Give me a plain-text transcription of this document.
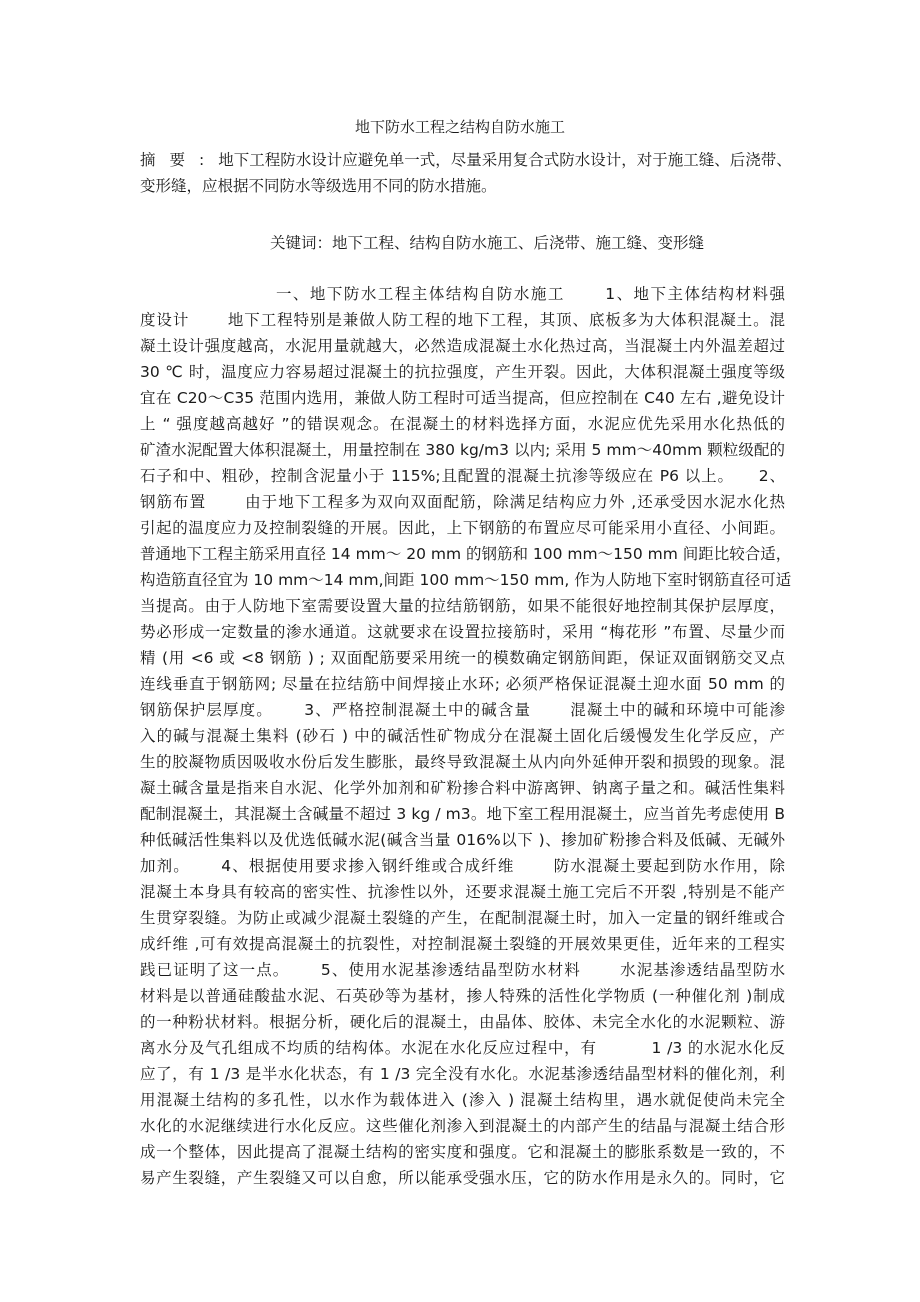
地下防水工程之结构自防水施工
摘要:地下工程防水设计应避免单一式，尽量采用复合式防水设计，对于施工缝、后浇带、
变形缝，应根据不同防水等级选用不同的防水措施。
关键词：地下工程、结构自防水施工、后浇带、施工缝、变形缝
　　　　　　　　一、地下防水工程主体结构自防水施工　　 1、地下主体结构材料强
度设计　　 地下工程特别是兼做人防工程的地下工程，其顶、底板多为大体积混凝土。混
凝土设计强度越高，水泥用量就越大，必然造成混凝土水化热过高，当混凝土内外温差超过
30 ℃ 时，温度应力容易超过混凝土的抗拉强度，产生开裂。因此，大体积混凝土强度等级
宜在 C20～C35 范围内选用，兼做人防工程时可适当提高，但应控制在 C40 左右 ,避免设计
上 “ 强度越高越好 ”的错误观念。在混凝土的材料选择方面，水泥应优先采用水化热低的
矿渣水泥配置大体积混凝土，用量控制在 380 kg/m3 以内; 采用 5 mm～40mm 颗粒级配的
石子和中、粗砂，控制含泥量小于 115%;且配置的混凝土抗渗等级应在 P6 以上。　　2、
钢筋布置　　 由于地下工程多为双向双面配筋，除满足结构应力外 ,还承受因水泥水化热
引起的温度应力及控制裂缝的开展。因此，上下钢筋的布置应尽可能采用小直径、小间距。
普通地下工程主筋采用直径 14 mm～ 20 mm 的钢筋和 100 mm～150 mm 间距比较合适，
构造筋直径宜为 10 mm～14 mm,间距 100 mm～150 mm, 作为人防地下室时钢筋直径可适
当提高。由于人防地下室需要设置大量的拉结筋钢筋，如果不能很好地控制其保护层厚度，
势必形成一定数量的渗水通道。这就要求在设置拉接筋时，采用 “梅花形 ”布置、尽量少而
精 (用 <6 或 <8 钢筋 ) ; 双面配筋要采用统一的模数确定钢筋间距，保证双面钢筋交叉点
连线垂直于钢筋网; 尽量在拉结筋中间焊接止水环; 必须严格保证混凝土迎水面 50 mm 的
钢筋保护层厚度。　　 3、严格控制混凝土中的碱含量　　 混凝土中的碱和环境中可能渗
入的碱与混凝土集料 (砂石 ) 中的碱活性矿物成分在混凝土固化后缓慢发生化学反应，产
生的胶凝物质因吸收水份后发生膨胀，最终导致混凝土从内向外延伸开裂和损毁的现象。混
凝土碱含量是指来自水泥、化学外加剂和矿粉掺合料中游离钾、钠离子量之和。碱活性集料
配制混凝土，其混凝土含碱量不超过 3 kg / m3。地下室工程用混凝土，应当首先考虑使用 B
种低碱活性集料以及优选低碱水泥(碱含当量 016%以下 )、掺加矿粉掺合料及低碱、无碱外
加剂。　　 4、根据使用要求掺入钢纤维或合成纤维　　 防水混凝土要起到防水作用，除
混凝土本身具有较高的密实性、抗渗性以外，还要求混凝土施工完后不开裂 ,特别是不能产
生贯穿裂缝。为防止或减少混凝土裂缝的产生，在配制混凝土时，加入一定量的钢纤维或合
成纤维 ,可有效提高混凝土的抗裂性，对控制混凝土裂缝的开展效果更佳，近年来的工程实
践已证明了这一点。　　 5、使用水泥基渗透结晶型防水材料　　 水泥基渗透结晶型防水
材料是以普通硅酸盐水泥、石英砂等为基材，掺人特殊的活性化学物质 (一种催化剂 )制成
的一种粉状材料。根据分析，硬化后的混凝土，由晶体、胶体、未完全水化的水泥颗粒、游
离水分及气孔组成不均质的结构体。水泥在水化反应过程中，有　　　 1 /3 的水泥水化反
应了，有 1 /3 是半水化状态，有 1 /3 完全没有水化。水泥基渗透结晶型材料的催化剂，利
用混凝土结构的多孔性，以水作为载体进入 (渗入 ) 混凝土结构里，遇水就促使尚未完全
水化的水泥继续进行水化反应。这些催化剂渗入到混凝土的内部产生的结晶与混凝土结合形
成一个整体，因此提高了混凝土结构的密实度和强度。它和混凝土的膨胀系数是一致的，不
易产生裂缝，产生裂缝又可以自愈，所以能承受强水压，它的防水作用是永久的。同时，它
